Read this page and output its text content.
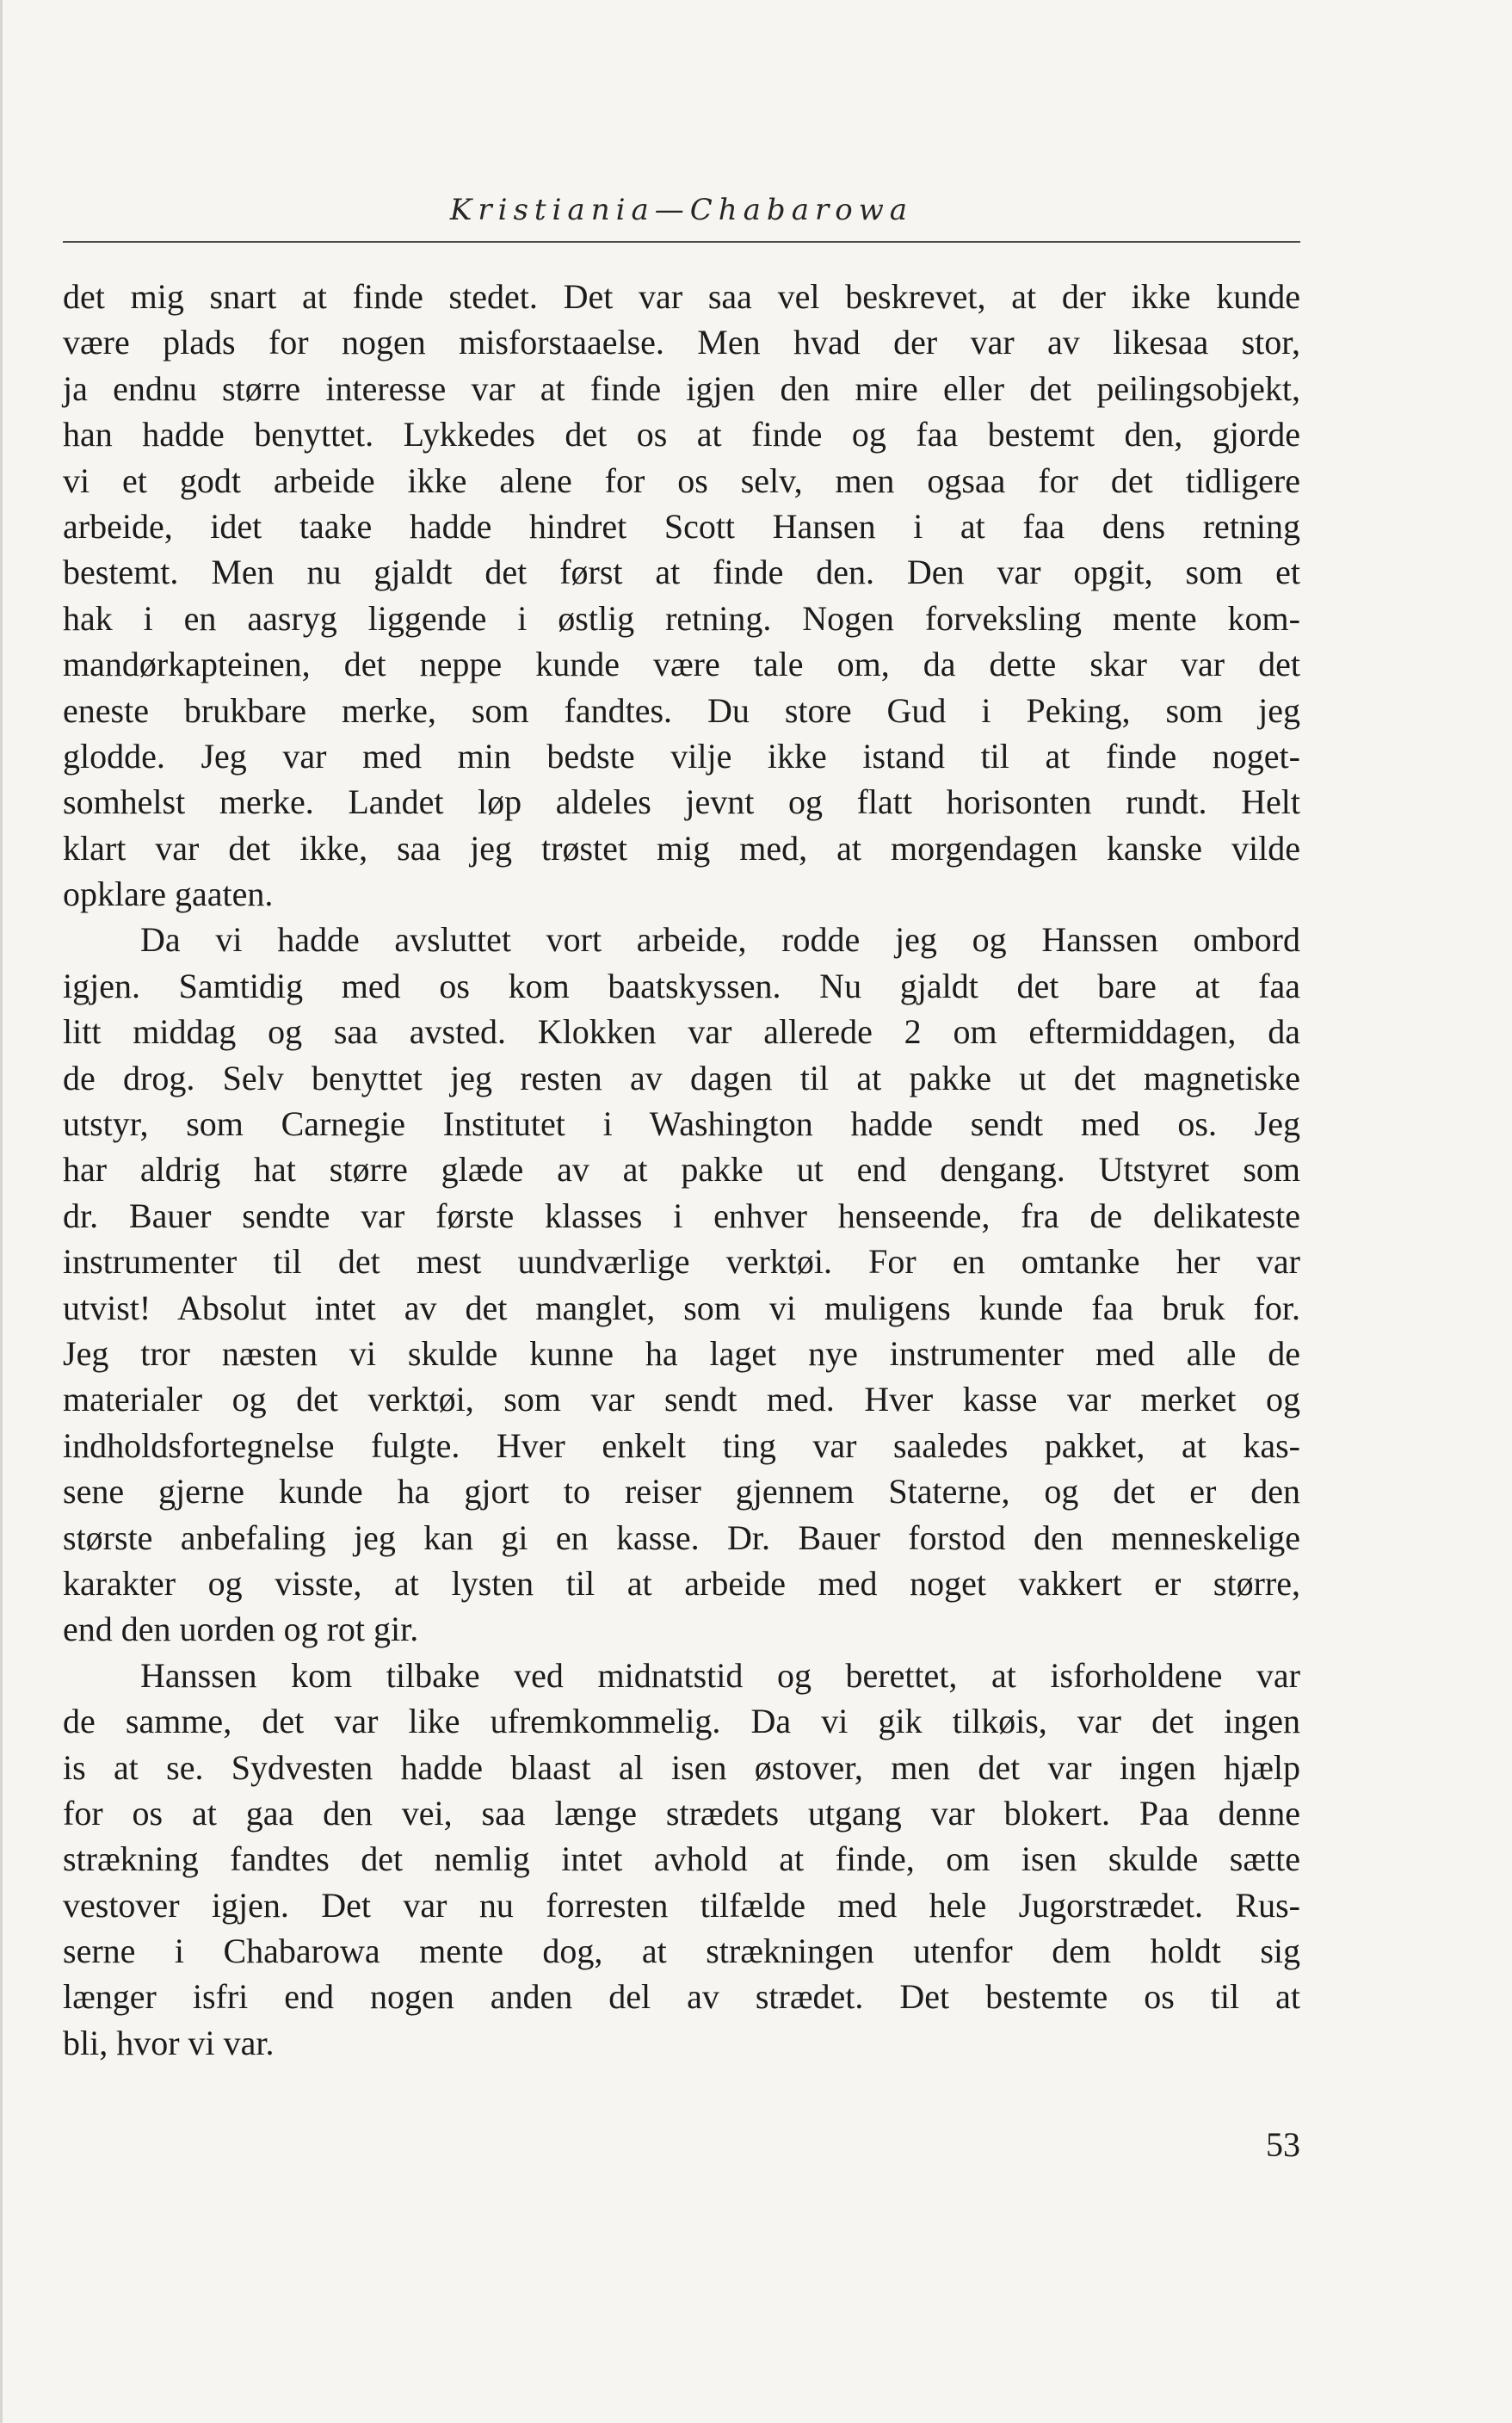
Kristiania—Chabarowa
det mig snart at finde stedet. Det var saa vel beskrevet, at der ikke kunde
være plads for nogen misforstaaelse. Men hvad der var av likesaa stor,
ja endnu større interesse var at finde igjen den mire eller det peilingsobjekt,
han hadde benyttet. Lykkedes det os at finde og faa bestemt den, gjorde
vi et godt arbeide ikke alene for os selv, men ogsaa for det tidligere
arbeide, idet taake hadde hindret Scott Hansen i at faa dens retning
bestemt. Men nu gjaldt det først at finde den. Den var opgit, som et
hak i en aasryg liggende i østlig retning. Nogen forveksling mente kom-
mandørkapteinen, det neppe kunde være tale om, da dette skar var det
eneste brukbare merke, som fandtes. Du store Gud i Peking, som jeg
glodde. Jeg var med min bedste vilje ikke istand til at finde noget-
somhelst merke. Landet løp aldeles jevnt og flatt horisonten rundt. Helt
klart var det ikke, saa jeg trøstet mig med, at morgendagen kanske vilde
opklare gaaten.
Da vi hadde avsluttet vort arbeide, rodde jeg og Hanssen ombord
igjen. Samtidig med os kom baatskyssen. Nu gjaldt det bare at faa
litt middag og saa avsted. Klokken var allerede 2 om eftermiddagen, da
de drog. Selv benyttet jeg resten av dagen til at pakke ut det magnetiske
utstyr, som Carnegie Institutet i Washington hadde sendt med os. Jeg
har aldrig hat større glæde av at pakke ut end dengang. Utstyret som
dr. Bauer sendte var første klasses i enhver henseende, fra de delikateste
instrumenter til det mest uundværlige verktøi. For en omtanke her var
utvist! Absolut intet av det manglet, som vi muligens kunde faa bruk for.
Jeg tror næsten vi skulde kunne ha laget nye instrumenter med alle de
materialer og det verktøi, som var sendt med. Hver kasse var merket og
indholdsfortegnelse fulgte. Hver enkelt ting var saaledes pakket, at kas-
sene gjerne kunde ha gjort to reiser gjennem Staterne, og det er den
største anbefaling jeg kan gi en kasse. Dr. Bauer forstod den menneskelige
karakter og visste, at lysten til at arbeide med noget vakkert er større,
end den uorden og rot gir.
Hanssen kom tilbake ved midnatstid og berettet, at isforholdene var
de samme, det var like ufremkommelig. Da vi gik tilkøis, var det ingen
is at se. Sydvesten hadde blaast al isen østover, men det var ingen hjælp
for os at gaa den vei, saa længe strædets utgang var blokert. Paa denne
strækning fandtes det nemlig intet avhold at finde, om isen skulde sætte
vestover igjen. Det var nu forresten tilfælde med hele Jugorstrædet. Rus-
serne i Chabarowa mente dog, at strækningen utenfor dem holdt sig
længer isfri end nogen anden del av strædet. Det bestemte os til at
bli, hvor vi var.
53
